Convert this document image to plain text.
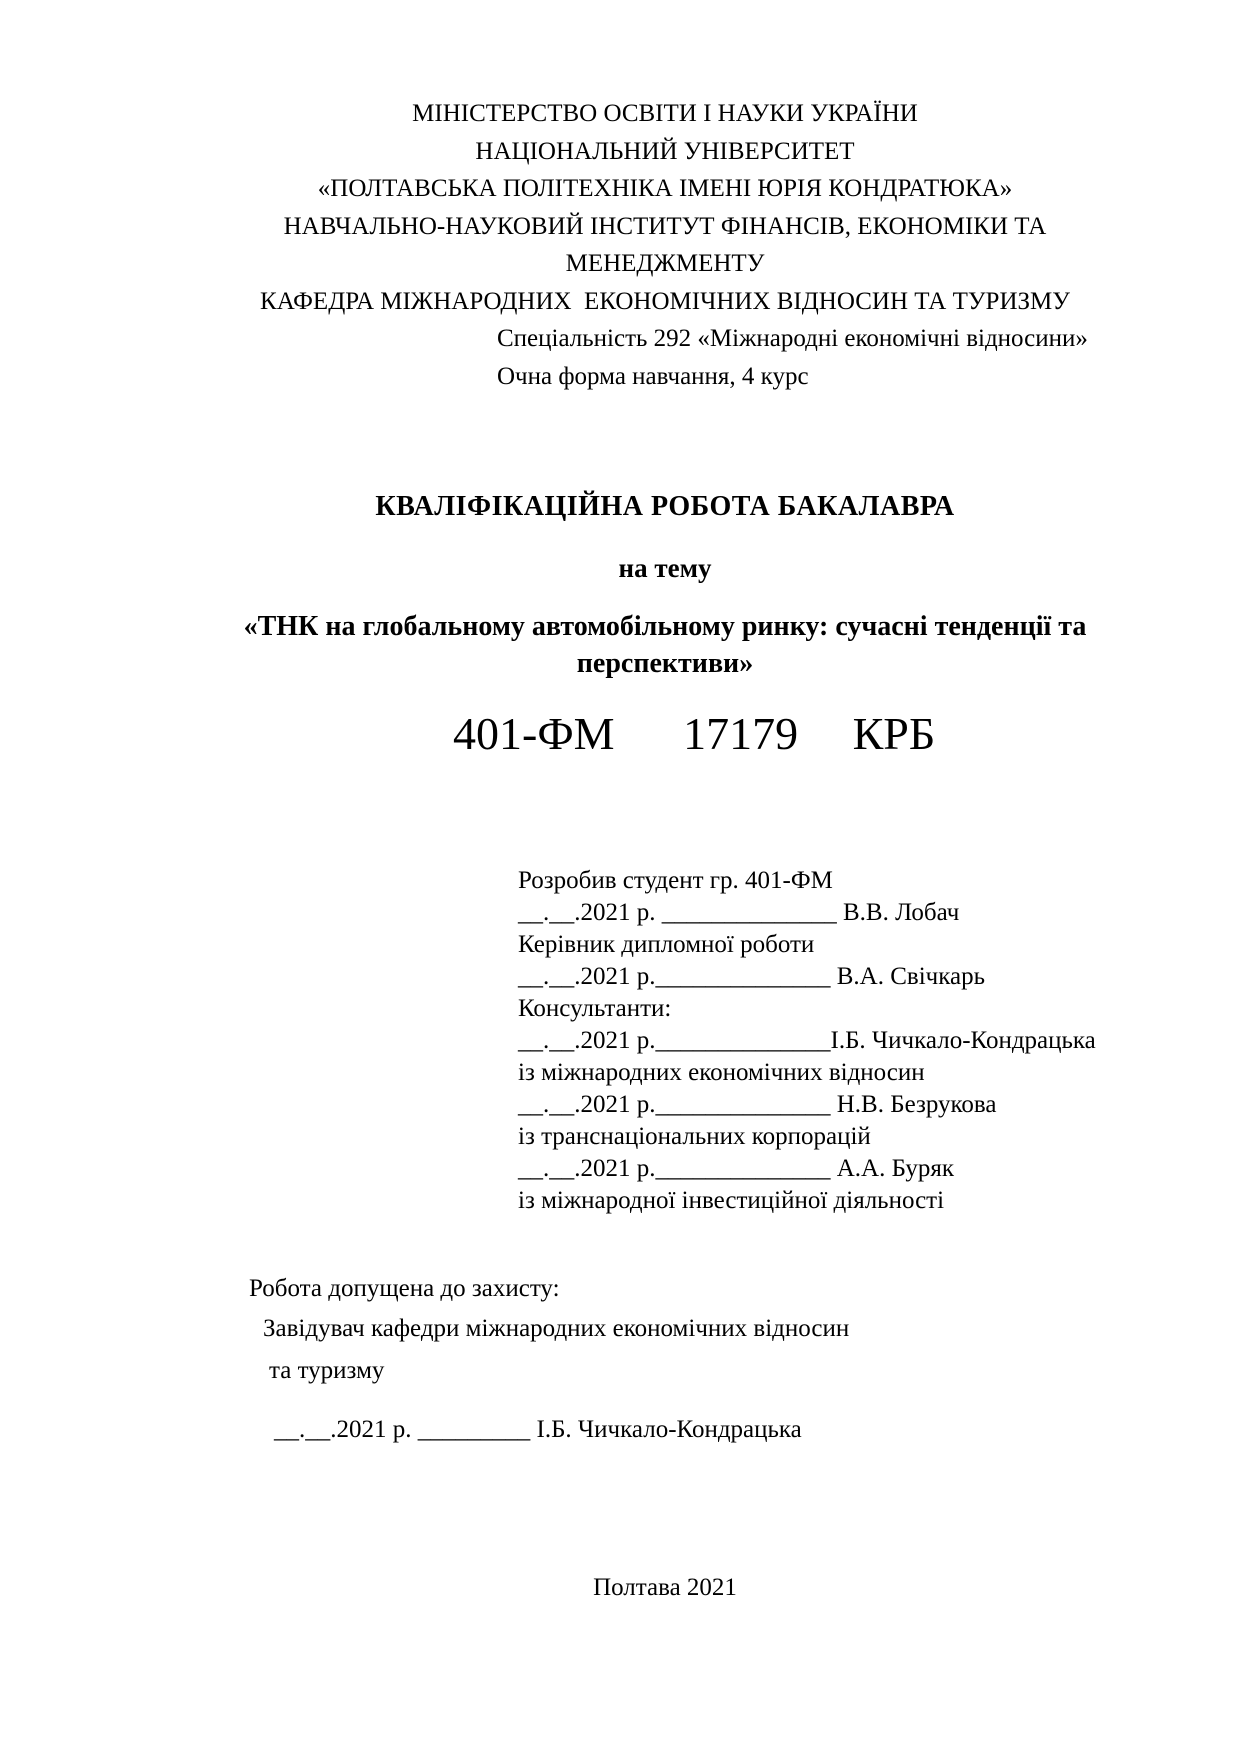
МІНІСТЕРСТВО ОСВІТИ І НАУКИ УКРАЇНИ
НАЦІОНАЛЬНИЙ УНІВЕРСИТЕТ
«ПОЛТАВСЬКА ПОЛІТЕХНІКА ІМЕНІ ЮРІЯ КОНДРАТЮКА»
НАВЧАЛЬНО-НАУКОВИЙ ІНСТИТУТ ФІНАНСІВ, ЕКОНОМІКИ ТА
МЕНЕДЖМЕНТУ
КАФЕДРА МІЖНАРОДНИХ  ЕКОНОМІЧНИХ ВІДНОСИН ТА ТУРИЗМУ
Спеціальність 292 «Міжнародні економічні відносини»
Очна форма навчання, 4 курс
КВАЛІФІКАЦІЙНА РОБОТА БАКАЛАВРА
на тему
«ТНК на глобальному автомобільному ринку: сучасні тенденції та
перспективи»
401-ФМ 17179 КРБ
Розробив студент гр. 401-ФМ
__.__.2021 р. ______________ В.В. Лобач
Керівник дипломної роботи
__.__.2021 р.______________ В.А. Свічкарь
Консультанти:
__.__.2021 р.______________І.Б. Чичкало-Кондрацька
із міжнародних економічних відносин
__.__.2021 р.______________ Н.В. Безрукова
із транснаціональних корпорацій
__.__.2021 р.______________ А.А. Буряк
із міжнародної інвестиційної діяльності
Робота допущена до захисту:
Завідувач кафедри міжнародних економічних відносин
та туризму
__.__.2021 р. _________ І.Б. Чичкало-Кондрацька
Полтава 2021
